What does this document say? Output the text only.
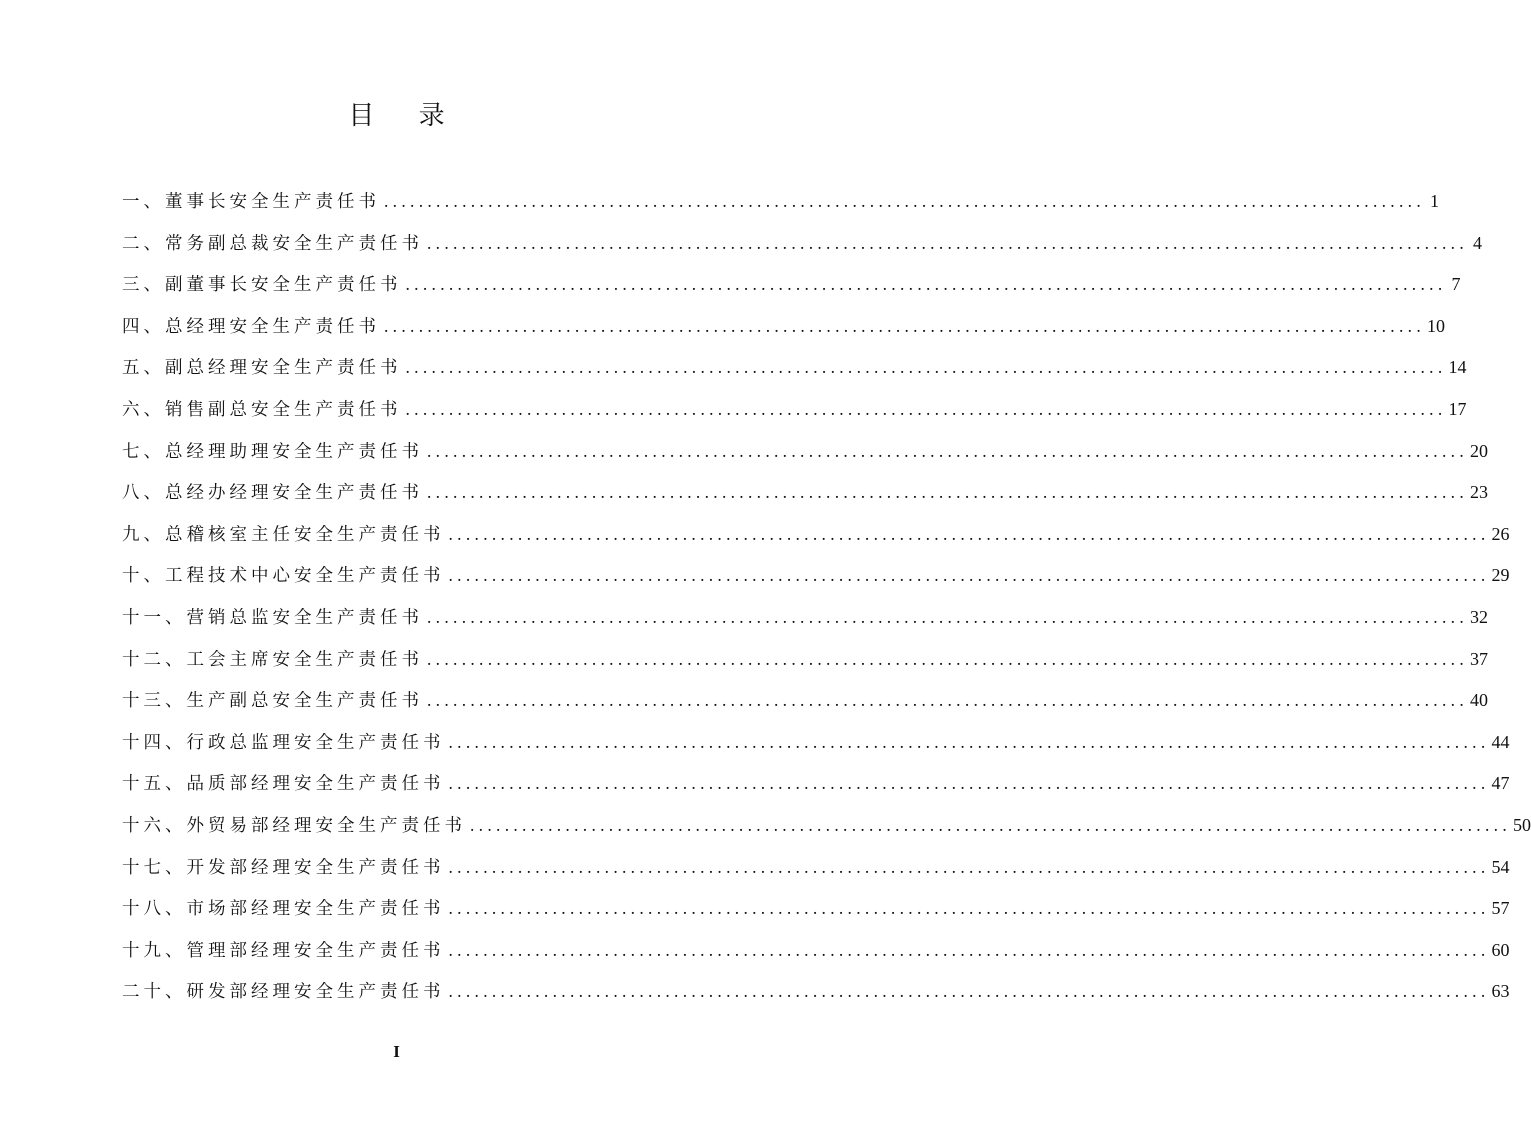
目 录
一、董事长安全生产责任书 ........................................................................................................................ 1
二、常务副总裁安全生产责任书 ........................................................................................................................ 4
三、副董事长安全生产责任书 ........................................................................................................................ 7
四、总经理安全生产责任书 ........................................................................................................................ 10
五、副总经理安全生产责任书 ........................................................................................................................ 14
六、销售副总安全生产责任书 ........................................................................................................................ 17
七、总经理助理安全生产责任书 ........................................................................................................................ 20
八、总经办经理安全生产责任书 ........................................................................................................................ 23
九、总稽核室主任安全生产责任书 ........................................................................................................................ 26
十、工程技术中心安全生产责任书 ........................................................................................................................ 29
十一、营销总监安全生产责任书 ........................................................................................................................ 32
十二、工会主席安全生产责任书 ........................................................................................................................ 37
十三、生产副总安全生产责任书 ........................................................................................................................ 40
十四、行政总监理安全生产责任书 ........................................................................................................................ 44
十五、品质部经理安全生产责任书 ........................................................................................................................ 47
十六、外贸易部经理安全生产责任书 ........................................................................................................................ 50
十七、开发部经理安全生产责任书 ........................................................................................................................ 54
十八、市场部经理安全生产责任书 ........................................................................................................................ 57
十九、管理部经理安全生产责任书 ........................................................................................................................ 60
二十、研发部经理安全生产责任书 ........................................................................................................................ 63
I
